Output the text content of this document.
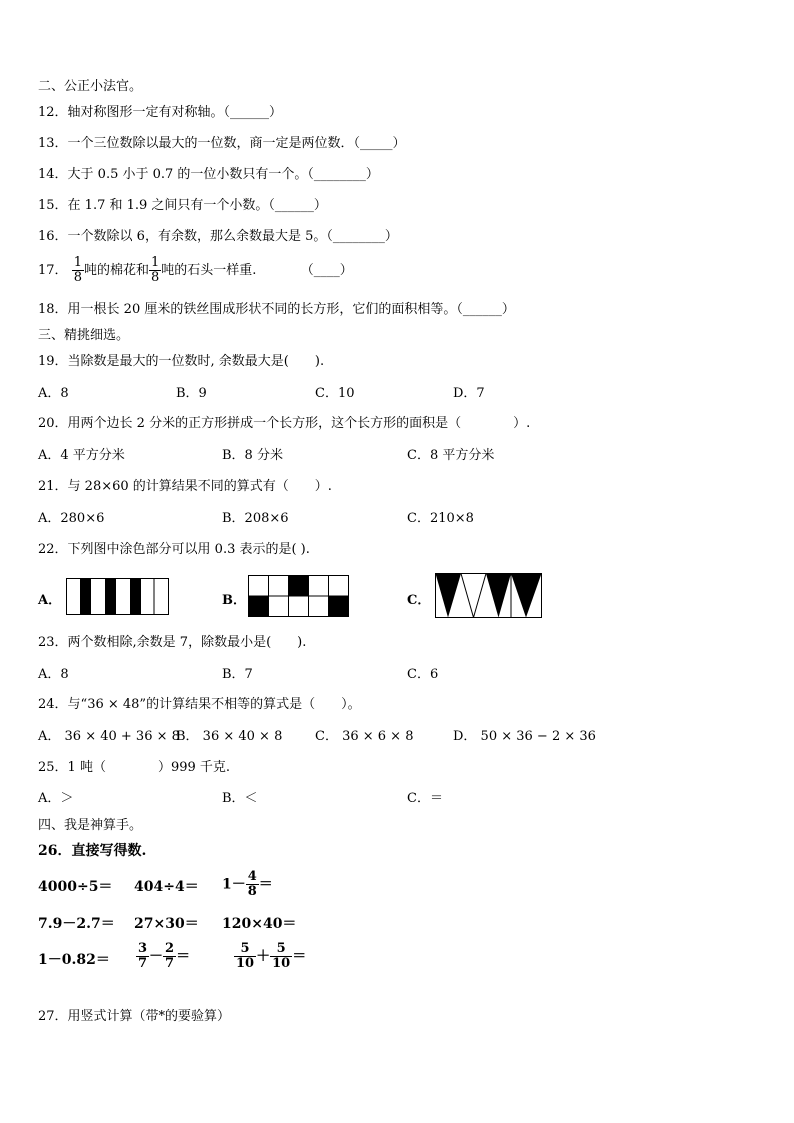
二、公正小法官。
12．轴对称图形一定有对称轴。（______）
13．一个三位数除以最大的一位数，商一定是两位数．（_____）
14．大于 0.5 小于 0.7 的一位小数只有一个。（________）
15．在 1.7 和 1.9 之间只有一个小数。（______）
16．一个数除以 6，有余数，那么余数最大是 5。（________）
17． $\frac{1}{8}$ 吨的棉花和 $\frac{1}{8}$ 吨的石头一样重.	（____）
18．用一根长 20 厘米的铁丝围成形状不同的长方形，它们的面积相等。（______）
三、精挑细选。
19．当除数是最大的一位数时, 余数最大是(　　).
A．8	B．9	C．10	D．7
20．用两个边长 2 分米的正方形拼成一个长方形，这个长方形的面积是（　　　　）.
A．4 平方分米	B．8 分米	C．8 平方分米
21．与 28×60 的计算结果不同的算式有（　　）.
A．280×6	B．208×6	C．210×8
22．下列图中涂色部分可以用 0.3 表示的是( ).
A．	B．	C．
23．两个数相除,余数是 7，除数最小是(　　).
A．8	B．7	C．6
24．与“36 × 48”的计算结果不相等的算式是（　　）。
A． 36 × 40 + 36 × 8
B． 36 × 40 × 8	C． 36 × 6 × 8	D． 50 × 36 − 2 × 36
25．1 吨（　　　　）999 千克.
A．＞	B．＜	C．＝
四、我是神算手。
26．直接写得数.
$4000\div 5= 404\div 4= 1- \frac{4}{8}$ ＝
7.9－2.7＝ 27×30＝ 120×40＝
$1-0.82= \frac{3}{7} - \frac{2}{7}$ ＝	$\frac{5}{10} + \frac{5}{10}$ ＝
27．用竖式计算（带*的要验算）
